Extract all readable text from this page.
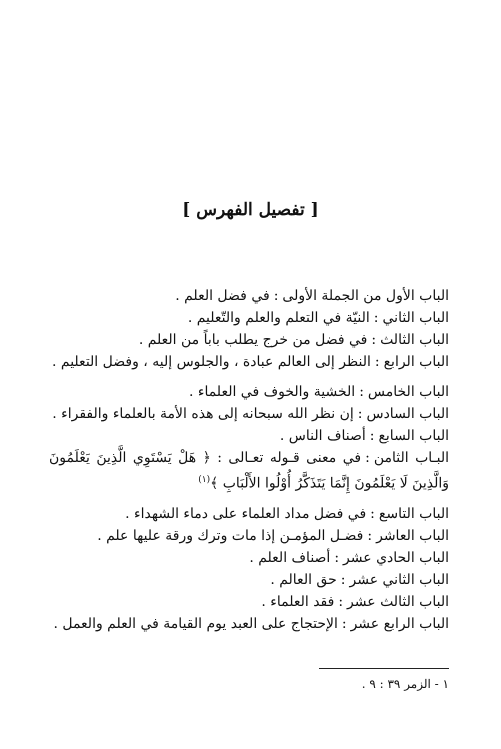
[ تفصيل الفهرس ]
الباب الأول من الجملة الأولى:في فضل العلم .
الباب الثاني:النيّة في التعلم والعلم والتّعليم .
الباب الثالث:في فضل من خرج يطلب باباً من العلم .
الباب الرابع:النظر إلى العالم عبادة ، والجلوس إليه ، وفضل التعليم .
الباب الخامس:الخشية والخوف في العلماء .
الباب السادس:إن نظر الله سبحانه إلى هذه الأمة بالعلماء والفقراء .
الباب السابع:أصناف الناس .
البـاب الثامن:في معنى قـوله تعـالى : ﴿ هَلْ يَسْتَوِي الَّذِينَ يَعْلَمُونَ وَالَّذِينَ لَا يَعْلَمُونَ إِنَّمَا يَتَذَكَّرُ أُوْلُوا الأَلْبَابِ ﴾$^{(١)}$
الباب التاسع:في فضل مداد العلماء على دماء الشهداء .
الباب العاشر:فضـل المؤمـن إذا مات وترك ورقة عليها علم .
الباب الحادي عشر:أصناف العلم .
الباب الثاني عشر:حق العالم .
الباب الثالث عشر:فقد العلماء .
الباب الرابع عشر:الإحتجاج على العبد يوم القيامة في العلم والعمل .
١ - الزمر ٣٩ : ٩ .
